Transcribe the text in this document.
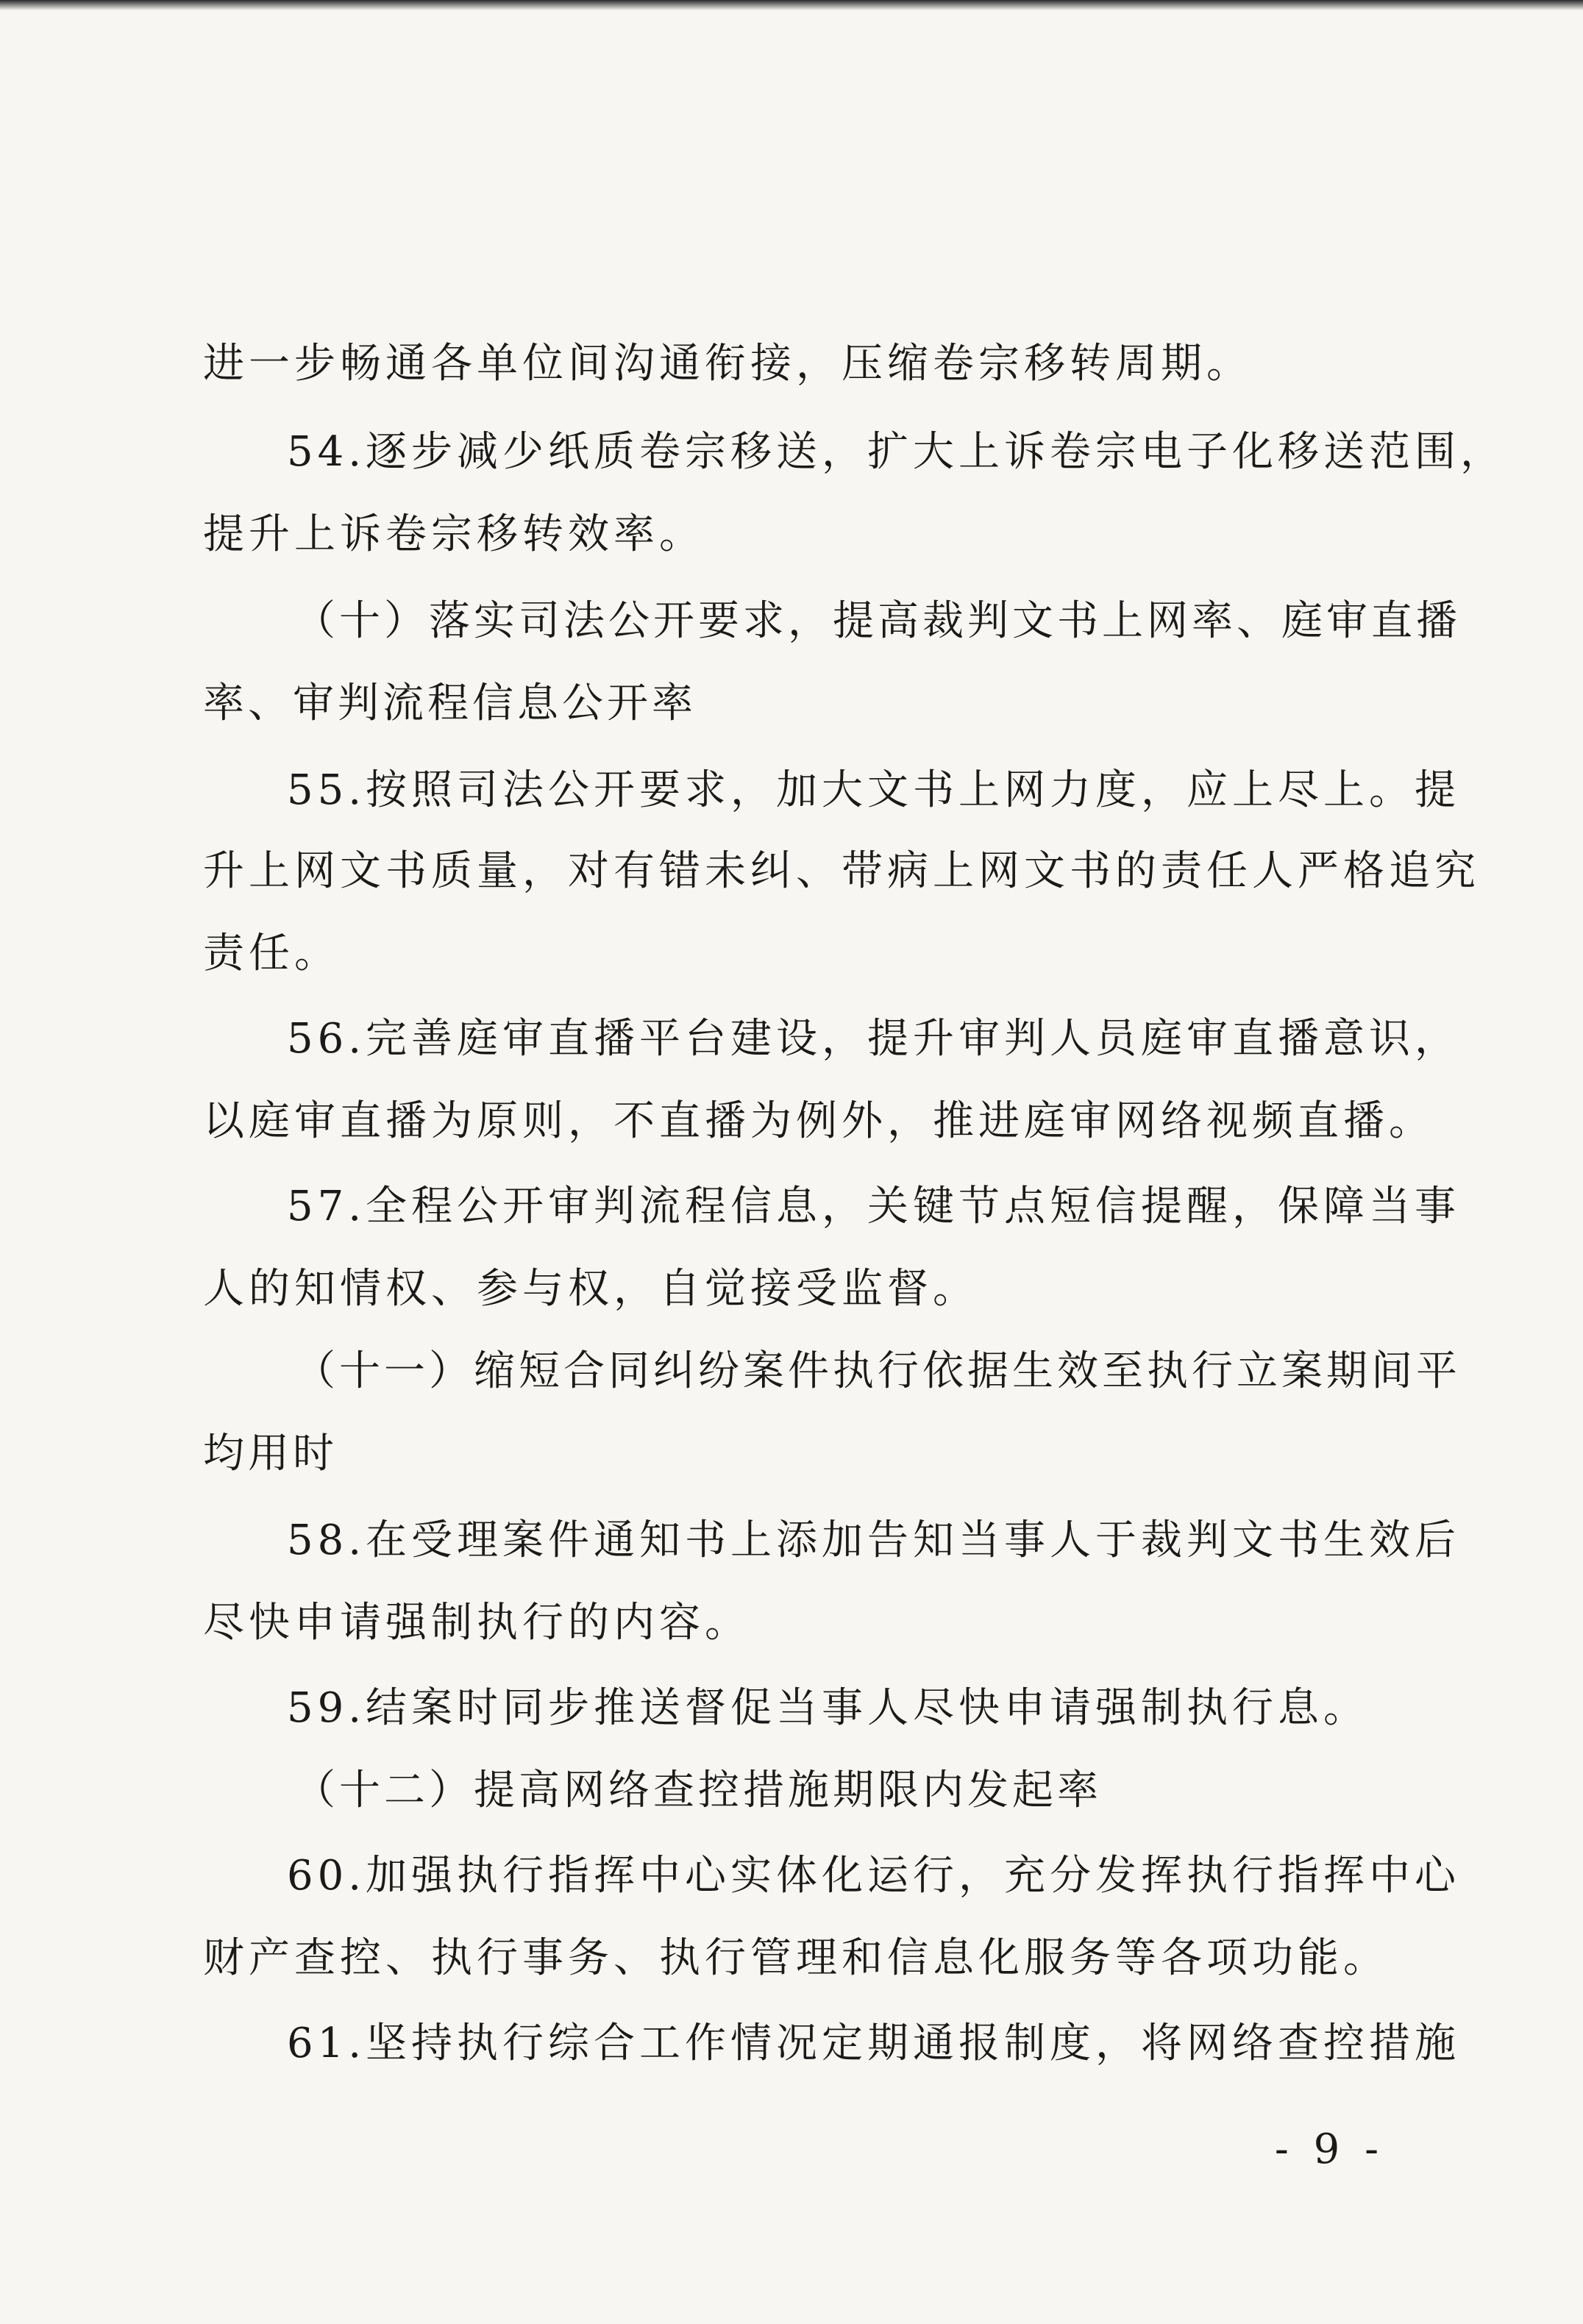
进一步畅通各单位间沟通衔接，压缩卷宗移转周期。
54.逐步减少纸质卷宗移送，扩大上诉卷宗电子化移送范围，
提升上诉卷宗移转效率。
（十）落实司法公开要求，提高裁判文书上网率、庭审直播
率、审判流程信息公开率
55.按照司法公开要求，加大文书上网力度，应上尽上。提
升上网文书质量，对有错未纠、带病上网文书的责任人严格追究
责任。
56.完善庭审直播平台建设，提升审判人员庭审直播意识，
以庭审直播为原则，不直播为例外，推进庭审网络视频直播。
57.全程公开审判流程信息，关键节点短信提醒，保障当事
人的知情权、参与权，自觉接受监督。
（十一）缩短合同纠纷案件执行依据生效至执行立案期间平
均用时
58.在受理案件通知书上添加告知当事人于裁判文书生效后
尽快申请强制执行的内容。
59.结案时同步推送督促当事人尽快申请强制执行息。
（十二）提高网络查控措施期限内发起率
60.加强执行指挥中心实体化运行，充分发挥执行指挥中心
财产查控、执行事务、执行管理和信息化服务等各项功能。
61.坚持执行综合工作情况定期通报制度，将网络查控措施
- 9 -
